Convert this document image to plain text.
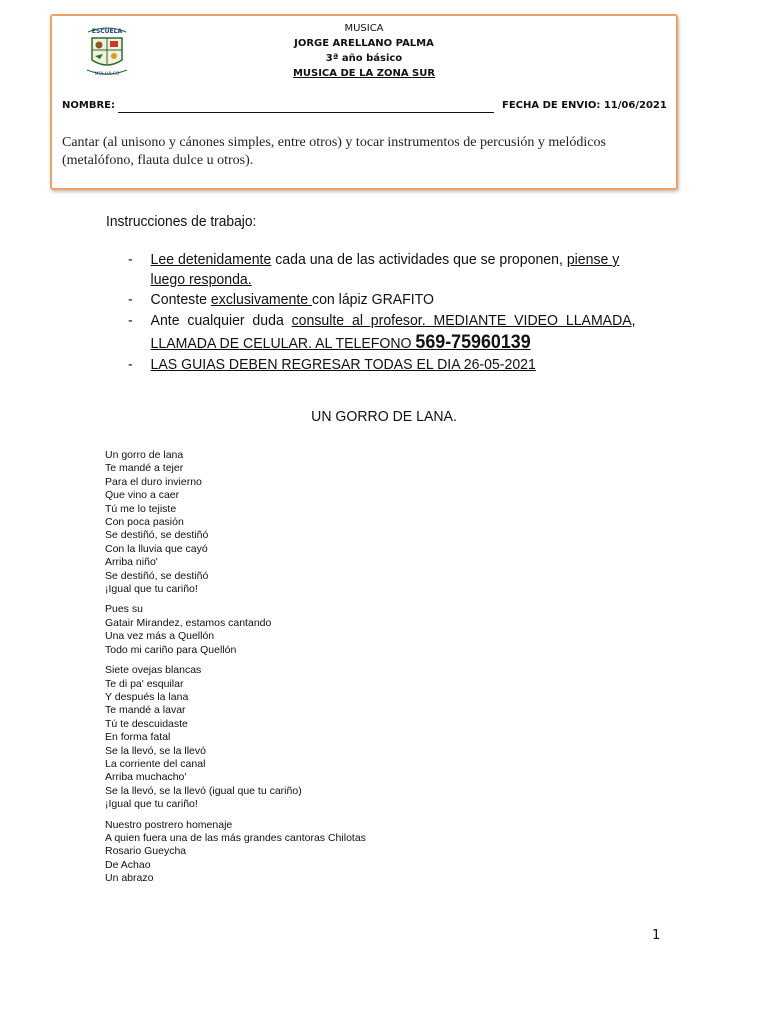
ESCUELA
MOLLULCO
MUSICA
JORGE ARELLANO PALMA
3ª año básico
MUSICA DE LA ZONA SUR
NOMBRE:	FECHA DE ENVIO: 11/06/2021
Cantar (al unisono y cánones simples, entre otros) y tocar instrumentos de percusión y melódicos (metalófono, flauta dulce u otros).
Instrucciones de trabajo:
- Lee detenidamente cada una de las actividades que se proponen, piense y luego responda.
- Conteste exclusivamente con lápiz GRAFITO
- Ante cualquier duda consulte al profesor. MEDIANTE VIDEO LLAMADA, LLAMADA DE CELULAR. AL TELEFONO 569-75960139
- LAS GUIAS DEBEN REGRESAR TODAS EL DIA 26-05-2021
UN GORRO DE LANA.
Un gorro de lana
Te mandé a tejer
Para el duro invierno
Que vino a caer
Tú me lo tejiste
Con poca pasión
Se destiñó, se destiñó
Con la lluvia que cayó
Arriba niño'
Se destiñó, se destiñó
¡Igual que tu cariño!
Pues su
Gatair Mirandez, estamos cantando
Una vez más a Quellón
Todo mi cariño para Quellón
Siete ovejas blancas
Te di pa' esquilar
Y después la lana
Te mandé a lavar
Tú te descuidaste
En forma fatal
Se la llevó, se la llevó
La corriente del canal
Arriba muchacho'
Se la llevó, se la llevó (igual que tu cariño)
¡Igual que tu cariño!
Nuestro postrero homenaje
A quien fuera una de las más grandes cantoras Chilotas
Rosario Gueycha
De Achao
Un abrazo
1
